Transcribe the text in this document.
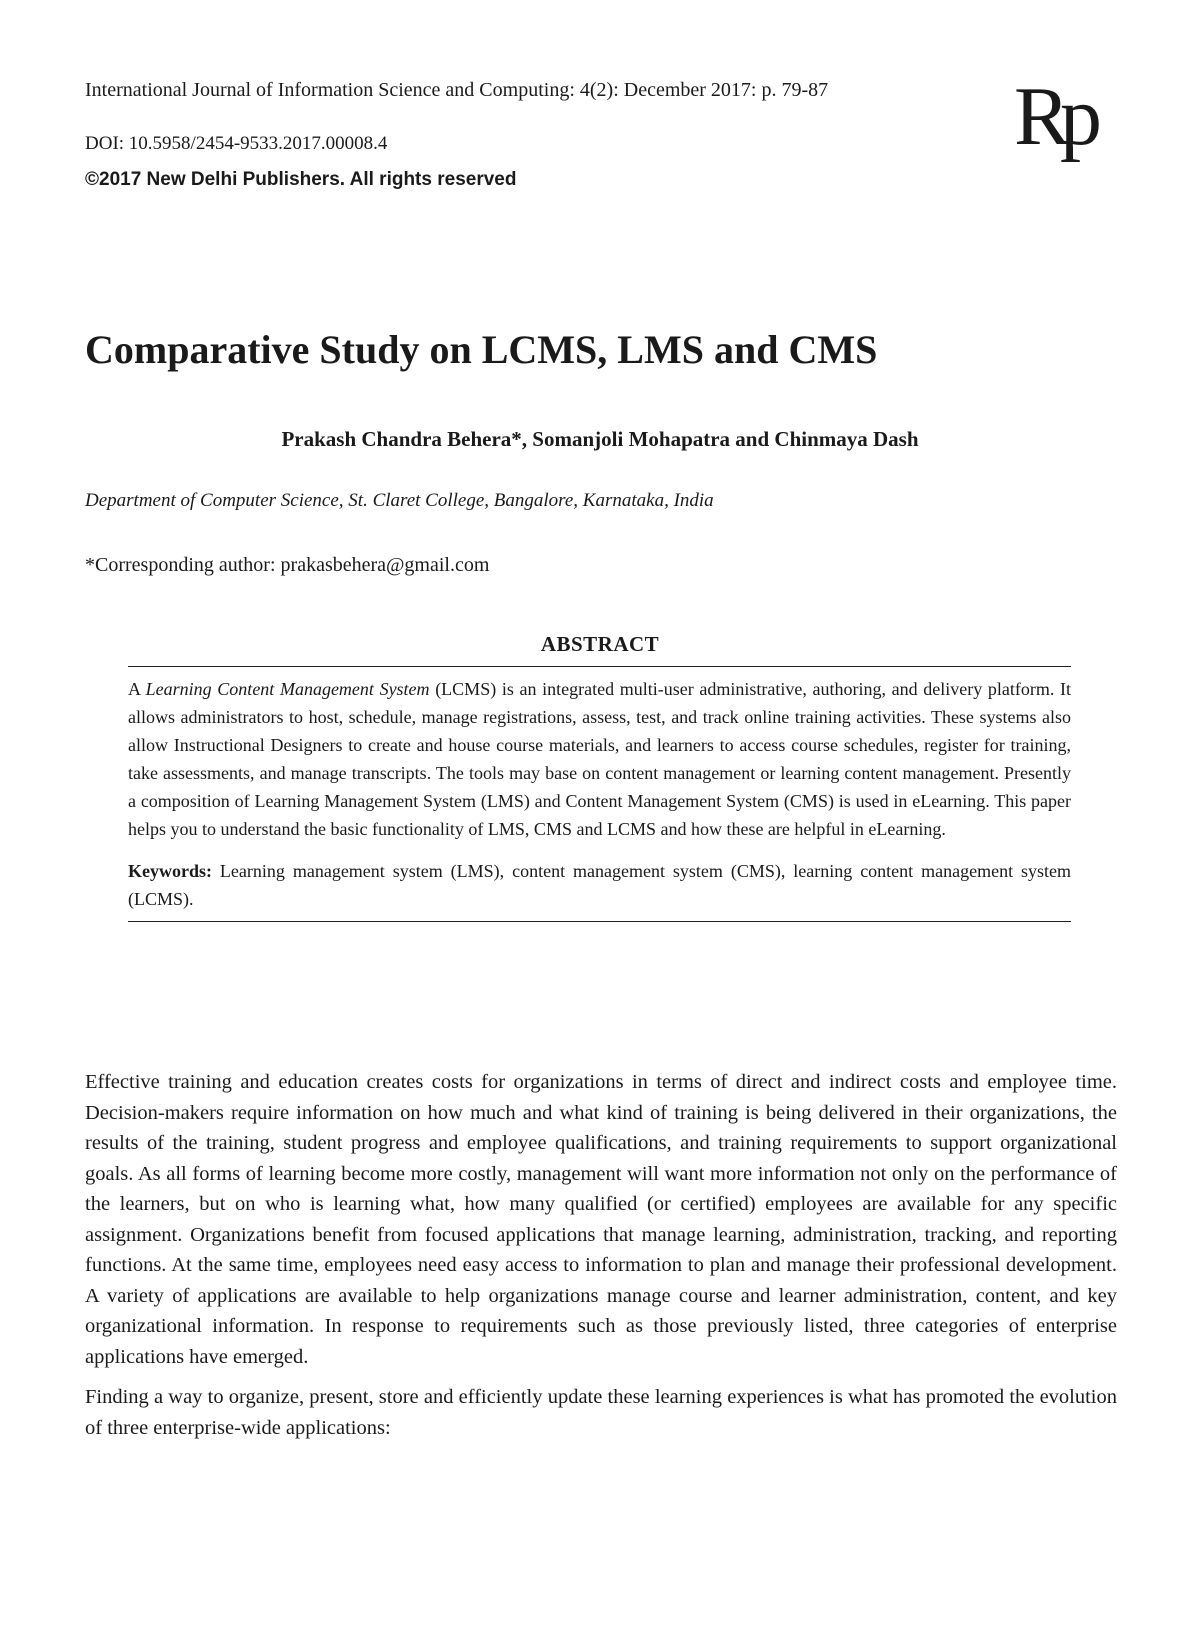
International Journal of Information Science and Computing: 4(2): December 2017: p. 79-87
DOI: 10.5958/2454-9533.2017.00008.4
©2017 New Delhi Publishers. All rights reserved
Rp
Comparative Study on LCMS, LMS and CMS
Prakash Chandra Behera*, Somanjoli Mohapatra and Chinmaya Dash
Department of Computer Science, St. Claret College, Bangalore, Karnataka, India
*Corresponding author: prakasbehera@gmail.com
ABSTRACT

A Learning Content Management System (LCMS) is an integrated multi-user administrative, authoring, and delivery platform. It allows administrators to host, schedule, manage registrations, assess, test, and track online training activities. These systems also allow Instructional Designers to create and house course materials, and learners to access course schedules, register for training, take assessments, and manage transcripts. The tools may base on content management or learning content management. Presently a composition of Learning Management System (LMS) and Content Management System (CMS) is used in eLearning. This paper helps you to understand the basic functionality of LMS, CMS and LCMS and how these are helpful in eLearning.

Keywords: Learning management system (LMS), content management system (CMS), learning content management system (LCMS).

Effective training and education creates costs for organizations in terms of direct and indirect costs and employee time. Decision-makers require information on how much and what kind of training is being delivered in their organizations, the results of the training, student progress and employee qualifications, and training requirements to support organizational goals. As all forms of learning become more costly, management will want more information not only on the performance of the learners, but on who is learning what, how many qualified (or certified) employees are available for any specific assignment. Organizations benefit from focused applications that manage learning, administration, tracking, and reporting functions. At the same time, employees need easy access to information to plan and manage their professional development. A variety of applications are available to help organizations manage course and learner administration, content, and key organizational information. In response to requirements such as those previously listed, three categories of enterprise applications have emerged.

Finding a way to organize, present, store and efficiently update these learning experiences is what has promoted the evolution of three enterprise-wide applications:
